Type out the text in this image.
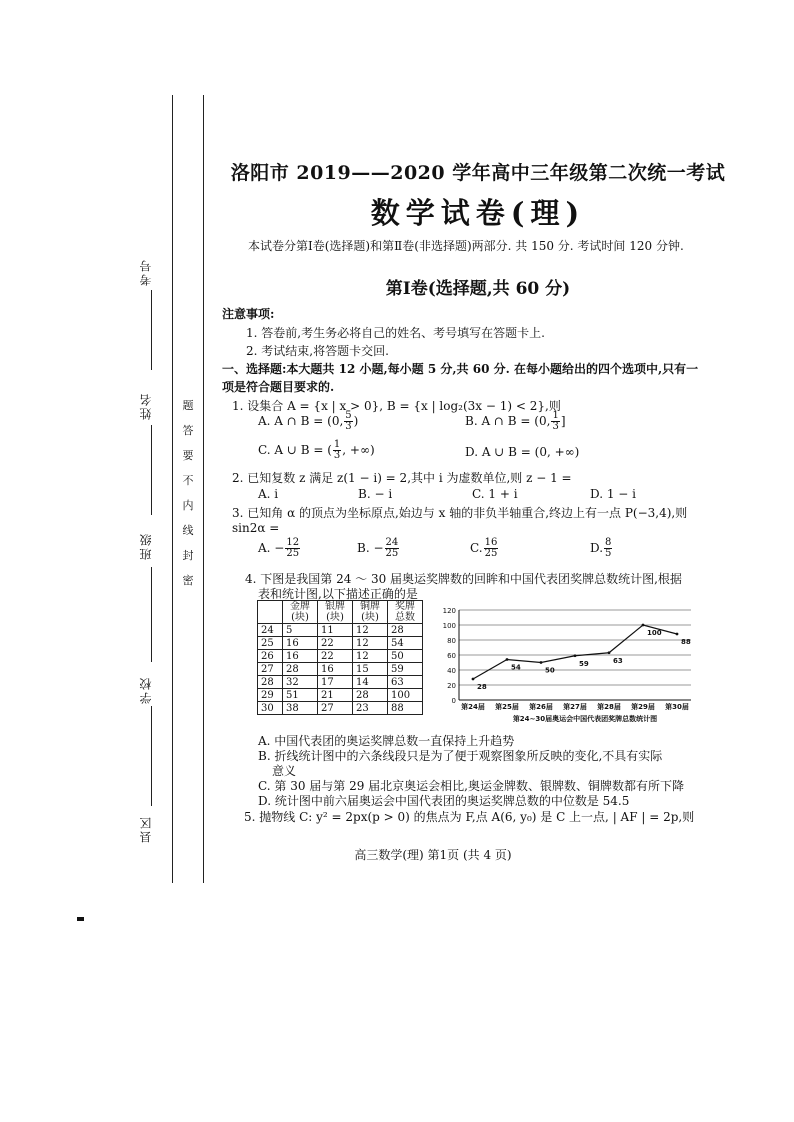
考号
姓名
班级
学校
县区
题
答
要
不
内
线
封
密
洛阳市 2019——2020 学年高中三年级第二次统一考试
数学试卷(理)
本试卷分第Ⅰ卷(选择题)和第Ⅱ卷(非选择题)两部分. 共 150 分. 考试时间 120 分钟.
第Ⅰ卷(选择题,共 60 分)
注意事项:
1. 答卷前,考生务必将自己的姓名、考号填写在答题卡上.
2. 考试结束,将答题卡交回.
一、选择题:本大题共 12 小题,每小题 5 分,共 60 分. 在每小题给出的四个选项中,只有一
项是符合题目要求的.
1. 设集合 A = {x | x > 0}, B = {x | log₂(3x − 1) < 2},则
A. A ∩ B = (0, $\frac{5}{3}$ )	B. A ∩ B = (0, $\frac{1}{3}$ ]
C. A ∪ B = ( $\frac{1}{3}$ , +∞)	D. A ∪ B = (0, +∞)
2. 已知复数 z 满足 z(1 − i) = 2,其中 i 为虚数单位,则 z − 1 =
A. i	B. − i	C. 1 + i	D. 1 − i
3. 已知角 α 的顶点为坐标原点,始边与 x 轴的非负半轴重合,终边上有一点 P(−3,4),则
sin2α =
A. − $\frac{12}{25}$	B. − $\frac{24}{25}$	C. $\frac{16}{25}$	D. $\frac{8}{5}$
4. 下图是我国第 24 ～ 30 届奥运奖牌数的回眸和中国代表团奖牌总数统计图,根据
表和统计图,以下描述正确的是
	金牌(块)	银牌(块)	铜牌(块)	奖牌总数
24	5	11	12	28
25	16	22	12	54
26	16	22	12	50
27	28	16	15	59
28	32	17	14	63
29	51	21	28	100
30	38	27	23	88
0
20
40
60
80
100
120
28
54	50
59	63
100
88
第24届 第25届 第26届 第27届 第28届 第29届 第30届
第24~30届奥运会中国代表团奖牌总数统计图
A. 中国代表团的奥运奖牌总数一直保持上升趋势
B. 折线统计图中的六条线段只是为了便于观察图象所反映的变化,不具有实际
意义
C. 第 30 届与第 29 届北京奥运会相比,奥运金牌数、银牌数、铜牌数都有所下降
D. 统计图中前六届奥运会中国代表团的奥运奖牌总数的中位数是 54.5
5. 抛物线 C: y² = 2px(p > 0) 的焦点为 F,点 A(6, y₀) 是 C 上一点, | AF | = 2p,则
高三数学(理) 第1页 (共 4 页)
